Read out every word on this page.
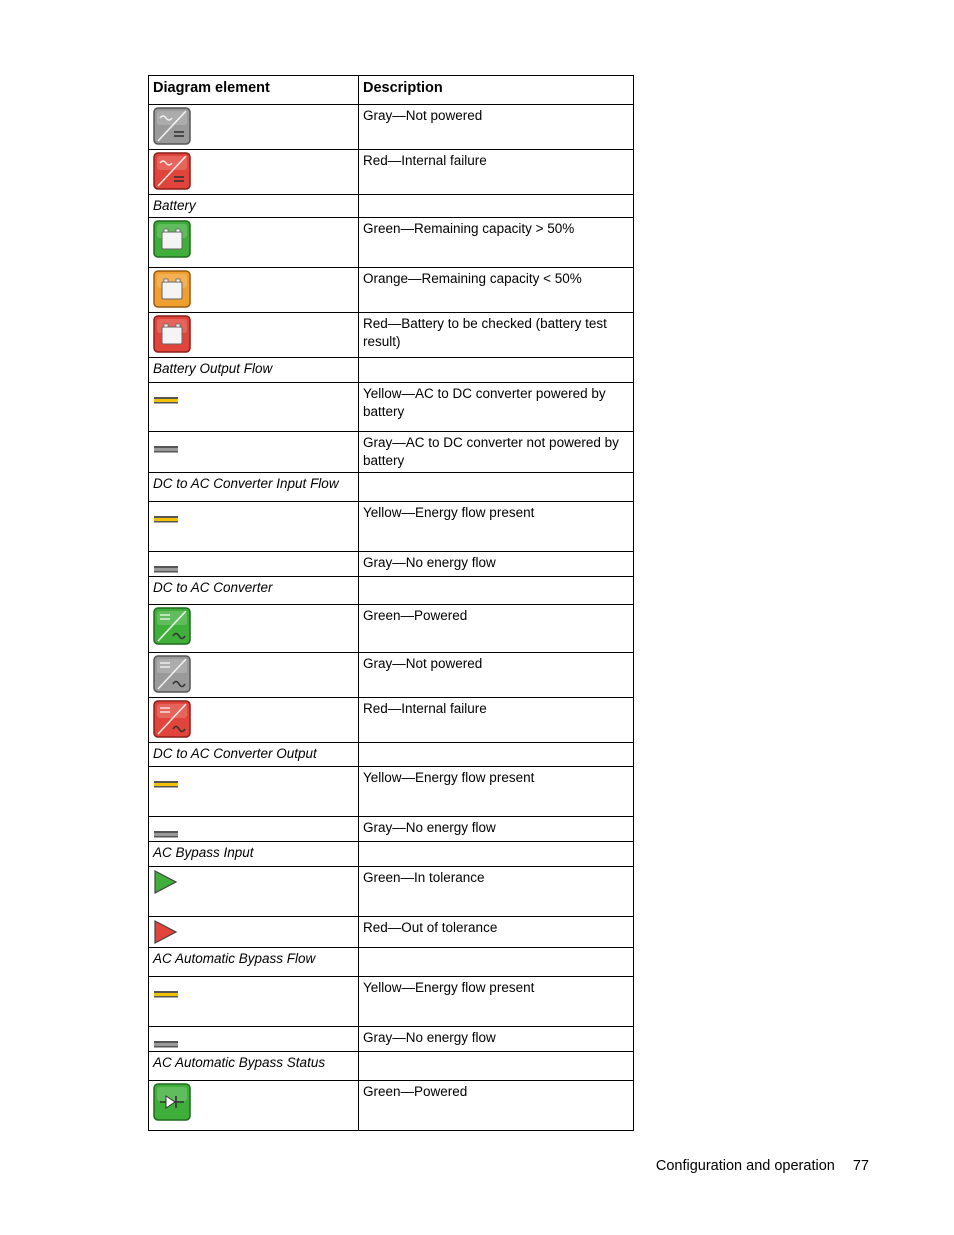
Diagram element	Description

	Gray—Not powered

	Red—Internal failure
Battery	

	Green—Remaining capacity > 50%

	Orange—Remaining capacity < 50%

	Red—Battery to be checked (battery test result)
Battery Output Flow	

	Yellow—AC to DC converter powered by battery

	Gray—AC to DC converter not powered by battery
DC to AC Converter Input Flow	

	Yellow—Energy flow present

	Gray—No energy flow
DC to AC Converter	

	Green—Powered

	Gray—Not powered

	Red—Internal failure
DC to AC Converter Output	

	Yellow—Energy flow present

	Gray—No energy flow
AC Bypass Input	

	Green—In tolerance

	Red—Out of tolerance
AC Automatic Bypass Flow	

	Yellow—Energy flow present

	Gray—No energy flow
AC Automatic Bypass Status	

	Green—Powered
Configuration and operation 77
